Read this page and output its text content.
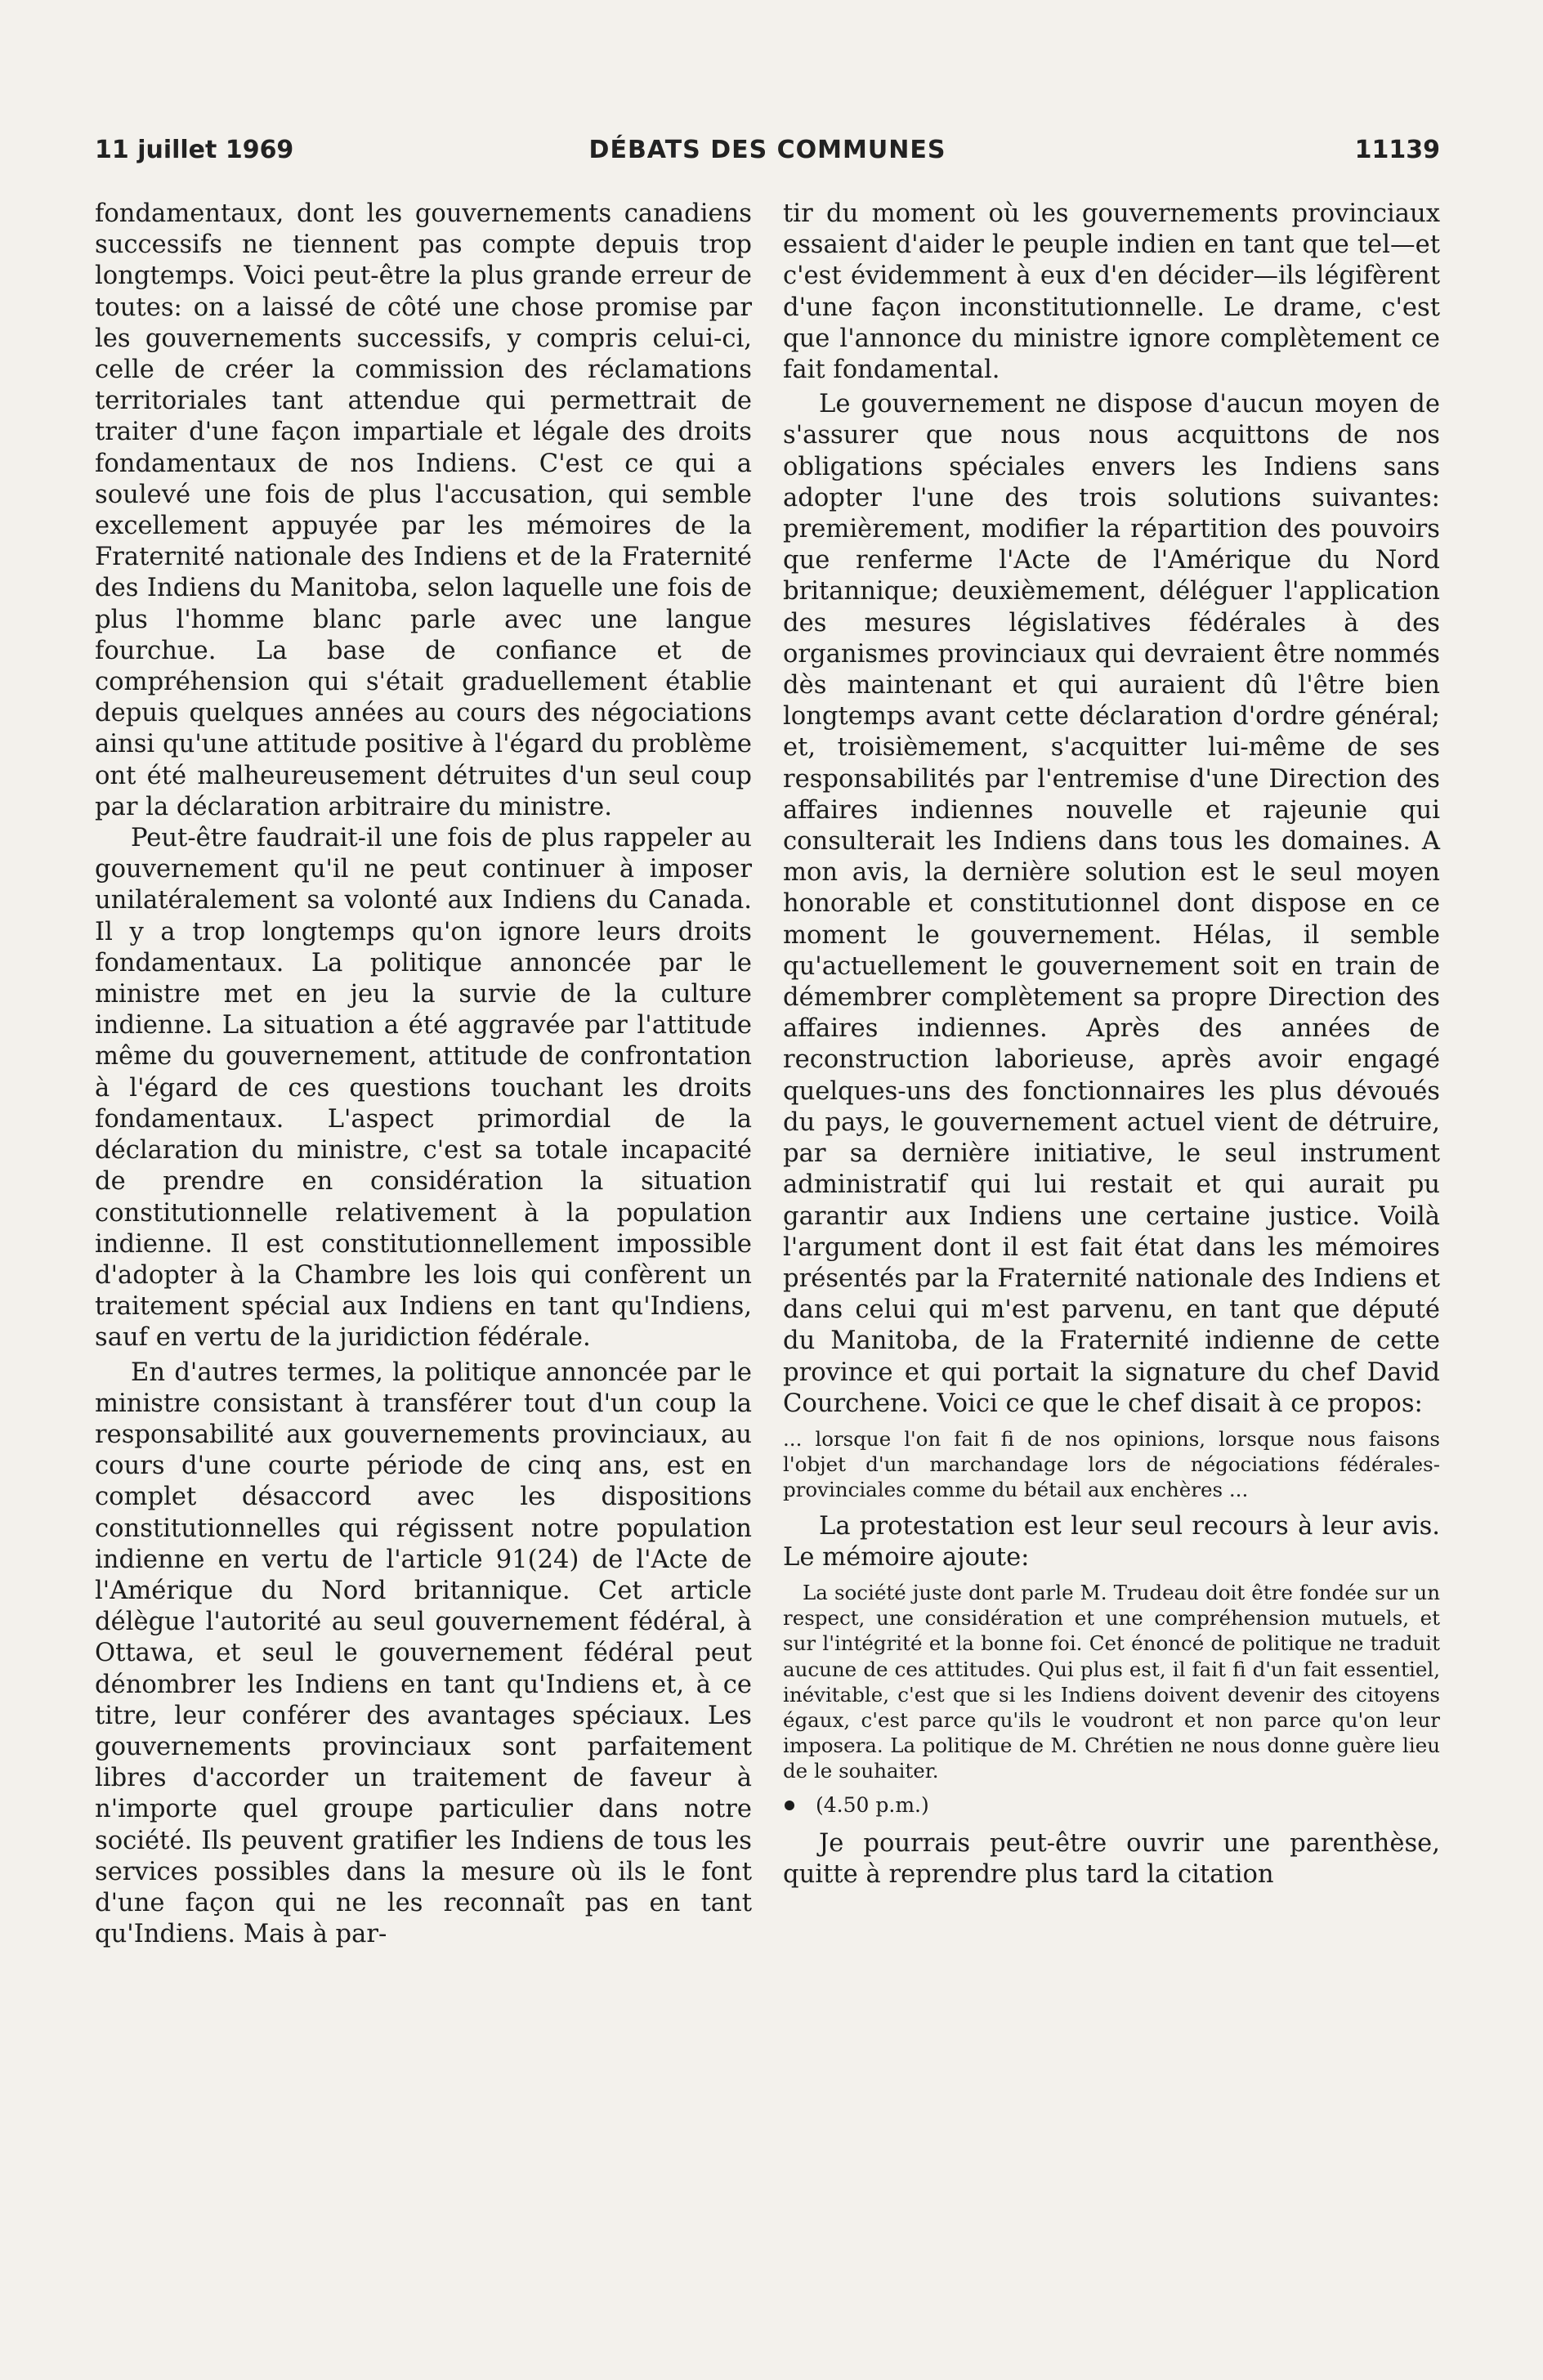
11 juillet 1969	DÉBATS DES COMMUNES	11139

fondamentaux, dont les gouvernements canadiens successifs ne tiennent pas compte depuis trop longtemps. Voici peut-être la plus grande erreur de toutes: on a laissé de côté une chose promise par les gouvernements successifs, y compris celui-ci, celle de créer la commission des réclamations territoriales tant attendue qui permettrait de traiter d'une façon impartiale et légale des droits fondamentaux de nos Indiens. C'est ce qui a soulevé une fois de plus l'accusation, qui semble excellement appuyée par les mémoires de la Fraternité nationale des Indiens et de la Fraternité des Indiens du Manitoba, selon laquelle une fois de plus l'homme blanc parle avec une langue fourchue. La base de confiance et de compréhension qui s'était graduellement établie depuis quelques années au cours des négociations ainsi qu'une attitude positive à l'égard du problème ont été malheureusement détruites d'un seul coup par la déclaration arbitraire du ministre.

Peut-être faudrait-il une fois de plus rappeler au gouvernement qu'il ne peut continuer à imposer unilatéralement sa volonté aux Indiens du Canada. Il y a trop longtemps qu'on ignore leurs droits fondamentaux. La politique annoncée par le ministre met en jeu la survie de la culture indienne. La situation a été aggravée par l'attitude même du gouvernement, attitude de confrontation à l'égard de ces questions touchant les droits fondamentaux. L'aspect primordial de la déclaration du ministre, c'est sa totale incapacité de prendre en considération la situation constitutionnelle relativement à la population indienne. Il est constitutionnellement impossible d'adopter à la Chambre les lois qui confèrent un traitement spécial aux Indiens en tant qu'Indiens, sauf en vertu de la juridiction fédérale.

En d'autres termes, la politique annoncée par le ministre consistant à transférer tout d'un coup la responsabilité aux gouvernements provinciaux, au cours d'une courte période de cinq ans, est en complet désaccord avec les dispositions constitutionnelles qui régissent notre population indienne en vertu de l'article 91(24) de l'Acte de l'Amérique du Nord britannique. Cet article délègue l'autorité au seul gouvernement fédéral, à Ottawa, et seul le gouvernement fédéral peut dénombrer les Indiens en tant qu'Indiens et, à ce titre, leur conférer des avantages spéciaux. Les gouvernements provinciaux sont parfaitement libres d'accorder un traitement de faveur à n'importe quel groupe particulier dans notre société. Ils peuvent gratifier les Indiens de tous les services possibles dans la mesure où ils le font d'une façon qui ne les reconnaît pas en tant qu'Indiens. Mais à par-

tir du moment où les gouvernements provinciaux essaient d'aider le peuple indien en tant que tel—et c'est évidemment à eux d'en décider—ils légifèrent d'une façon inconstitutionnelle. Le drame, c'est que l'annonce du ministre ignore complètement ce fait fondamental.

Le gouvernement ne dispose d'aucun moyen de s'assurer que nous nous acquittons de nos obligations spéciales envers les Indiens sans adopter l'une des trois solutions suivantes: premièrement, modifier la répartition des pouvoirs que renferme l'Acte de l'Amérique du Nord britannique; deuxièmement, déléguer l'application des mesures législatives fédérales à des organismes provinciaux qui devraient être nommés dès maintenant et qui auraient dû l'être bien longtemps avant cette déclaration d'ordre général; et, troisièmement, s'acquitter lui-même de ses responsabilités par l'entremise d'une Direction des affaires indiennes nouvelle et rajeunie qui consulterait les Indiens dans tous les domaines. A mon avis, la dernière solution est le seul moyen honorable et constitutionnel dont dispose en ce moment le gouvernement. Hélas, il semble qu'actuellement le gouvernement soit en train de démembrer complètement sa propre Direction des affaires indiennes. Après des années de reconstruction laborieuse, après avoir engagé quelques-uns des fonctionnaires les plus dévoués du pays, le gouvernement actuel vient de détruire, par sa dernière initiative, le seul instrument administratif qui lui restait et qui aurait pu garantir aux Indiens une certaine justice. Voilà l'argument dont il est fait état dans les mémoires présentés par la Fraternité nationale des Indiens et dans celui qui m'est parvenu, en tant que député du Manitoba, de la Fraternité indienne de cette province et qui portait la signature du chef David Courchene. Voici ce que le chef disait à ce propos:

... lorsque l'on fait fi de nos opinions, lorsque nous faisons l'objet d'un marchandage lors de négociations fédérales-provinciales comme du bétail aux enchères ...

La protestation est leur seul recours à leur avis. Le mémoire ajoute:

La société juste dont parle M. Trudeau doit être fondée sur un respect, une considération et une compréhension mutuels, et sur l'intégrité et la bonne foi. Cet énoncé de politique ne traduit aucune de ces attitudes. Qui plus est, il fait fi d'un fait essentiel, inévitable, c'est que si les Indiens doivent devenir des citoyens égaux, c'est parce qu'ils le voudront et non parce qu'on leur imposera. La politique de M. Chrétien ne nous donne guère lieu de le souhaiter.
(4.50 p.m.)

Je pourrais peut-être ouvrir une parenthèse, quitte à reprendre plus tard la citation
